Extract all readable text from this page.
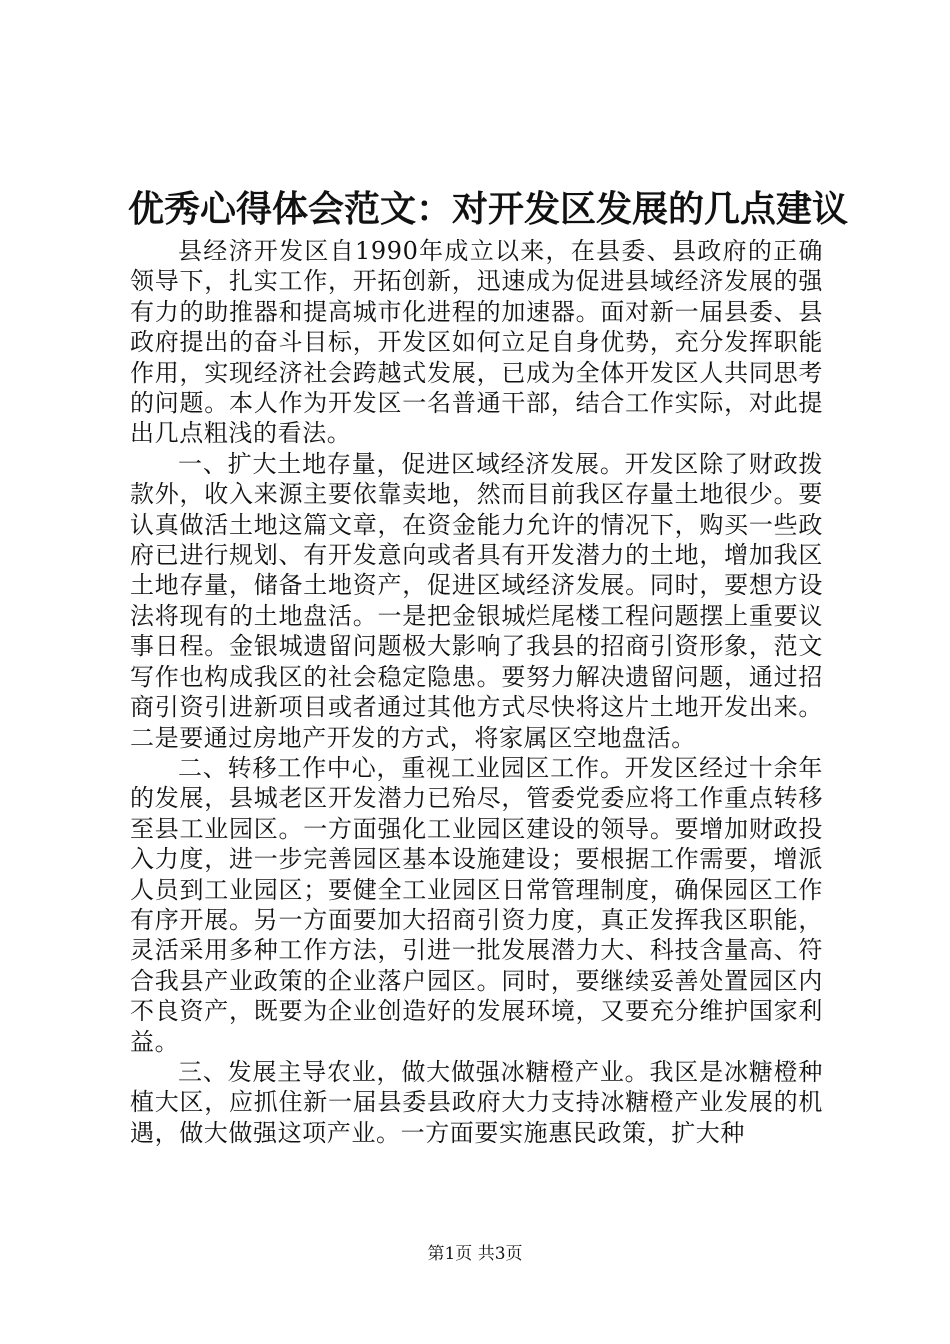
优秀心得体会范文：对开发区发展的几点建议

县经济开发区自1990年成立以来，在县委、县政府的正确领导下，扎实工作，开拓创新，迅速成为促进县域经济发展的强有力的助推器和提高城市化进程的加速器。面对新一届县委、县政府提出的奋斗目标，开发区如何立足自身优势，充分发挥职能作用，实现经济社会跨越式发展，已成为全体开发区人共同思考的问题。本人作为开发区一名普通干部，结合工作实际，对此提出几点粗浅的看法。

一、扩大土地存量，促进区域经济发展。开发区除了财政拨款外，收入来源主要依靠卖地，然而目前我区存量土地很少。要认真做活土地这篇文章，在资金能力允许的情况下，购买一些政府已进行规划、有开发意向或者具有开发潜力的土地，增加我区土地存量，储备土地资产，促进区域经济发展。同时，要想方设法将现有的土地盘活。一是把金银城烂尾楼工程问题摆上重要议事日程。金银城遗留问题极大影响了我县的招商引资形象，范文写作也构成我区的社会稳定隐患。要努力解决遗留问题，通过招商引资引进新项目或者通过其他方式尽快将这片土地开发出来。二是要通过房地产开发的方式，将家属区空地盘活。

二、转移工作中心，重视工业园区工作。开发区经过十余年的发展，县城老区开发潜力已殆尽，管委党委应将工作重点转移至县工业园区。一方面强化工业园区建设的领导。要增加财政投入力度，进一步完善园区基本设施建设；要根据工作需要，增派人员到工业园区；要健全工业园区日常管理制度，确保园区工作有序开展。另一方面要加大招商引资力度，真正发挥我区职能，灵活采用多种工作方法，引进一批发展潜力大、科技含量高、符合我县产业政策的企业落户园区。同时，要继续妥善处置园区内不良资产，既要为企业创造好的发展环境，又要充分维护国家利益。

三、发展主导农业，做大做强冰糖橙产业。我区是冰糖橙种植大区，应抓住新一届县委县政府大力支持冰糖橙产业发展的机遇，做大做强这项产业。一方面要实施惠民政策，扩大种

第1页 共3页
